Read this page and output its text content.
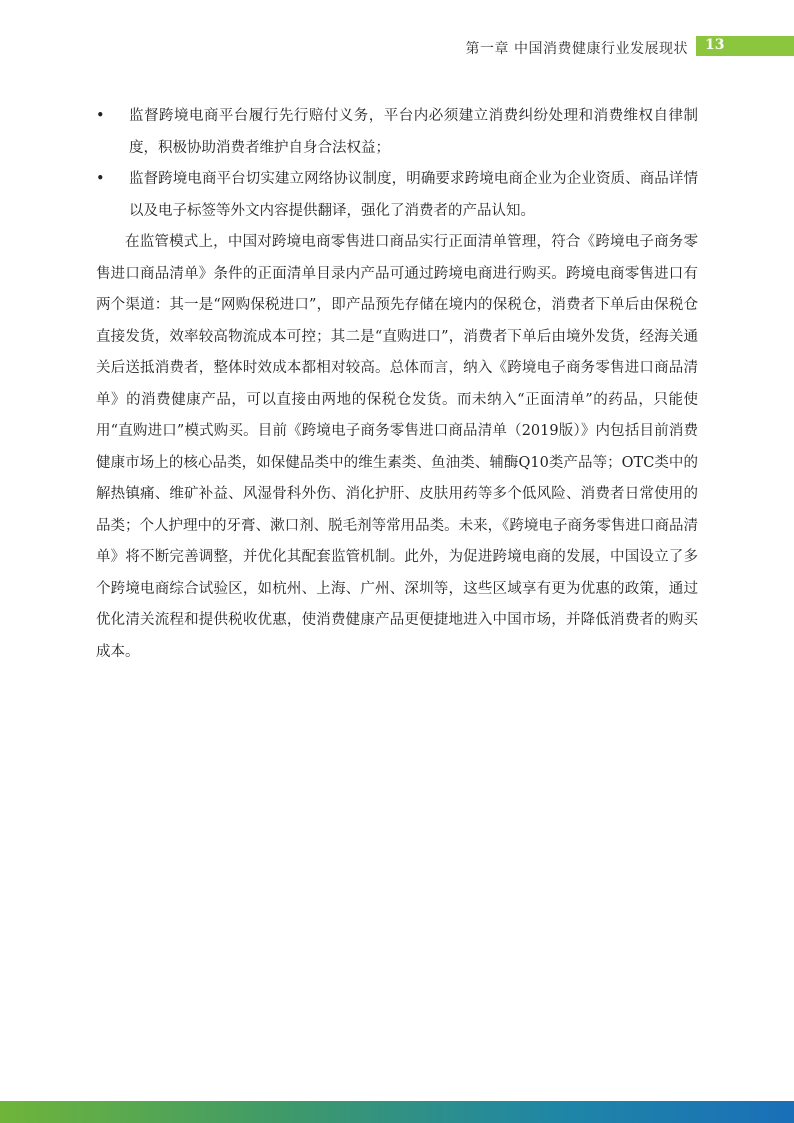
第一章 中国消费健康行业发展现状 13
•	监督跨境电商平台履行先行赔付义务，平台内必须建立消费纠纷处理和消费维权自律制度，积极协助消费者维护自身合法权益；
•	监督跨境电商平台切实建立网络协议制度，明确要求跨境电商企业为企业资质、商品详情以及电子标签等外文内容提供翻译，强化了消费者的产品认知。

在监管模式上，中国对跨境电商零售进口商品实行正面清单管理，符合《跨境电子商务零售进口商品清单》条件的正面清单目录内产品可通过跨境电商进行购买。跨境电商零售进口有两个渠道：其一是“网购保税进口”，即产品预先存储在境内的保税仓，消费者下单后由保税仓直接发货，效率较高物流成本可控；其二是“直购进口”，消费者下单后由境外发货，经海关通关后送抵消费者，整体时效成本都相对较高。总体而言，纳入《跨境电子商务零售进口商品清单》的消费健康产品，可以直接由两地的保税仓发货。而未纳入“正面清单”的药品，只能使用“直购进口”模式购买。目前《跨境电子商务零售进口商品清单（2019版）》内包括目前消费健康市场上的核心品类，如保健品类中的维生素类、鱼油类、辅酶Q10类产品等；OTC类中的解热镇痛、维矿补益、风湿骨科外伤、消化护肝、皮肤用药等多个低风险、消费者日常使用的品类；个人护理中的牙膏、漱口剂、脱毛剂等常用品类。未来，《跨境电子商务零售进口商品清单》将不断完善调整，并优化其配套监管机制。此外，为促进跨境电商的发展，中国设立了多个跨境电商综合试验区，如杭州、上海、广州、深圳等，这些区域享有更为优惠的政策，通过优化清关流程和提供税收优惠，使消费健康产品更便捷地进入中国市场，并降低消费者的购买成本。
